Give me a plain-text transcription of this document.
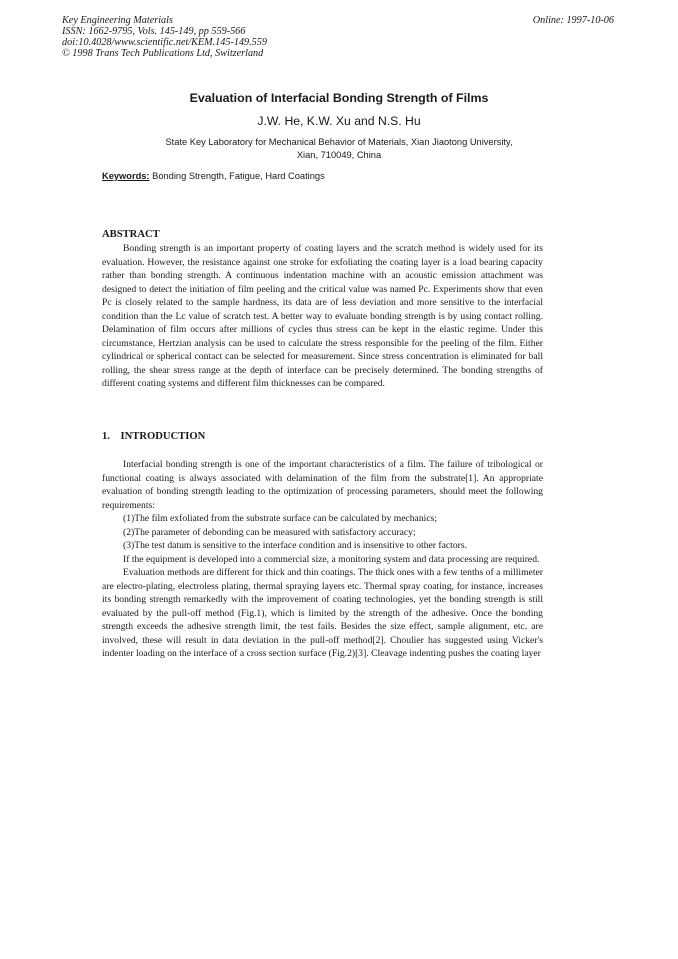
Key Engineering Materials
ISSN: 1662-9795, Vols. 145-149, pp 559-566
doi:10.4028/www.scientific.net/KEM.145-149.559
© 1998 Trans Tech Publications Ltd, Switzerland
Online: 1997-10-06
Evaluation of Interfacial Bonding Strength of Films
J.W. He, K.W. Xu and N.S. Hu
State Key Laboratory for Mechanical Behavior of Materials, Xian Jiaotong University,
Xian, 710049, China
Keywords: Bonding Strength, Fatigue, Hard Coatings
ABSTRACT

Bonding strength is an important property of coating layers and the scratch method is widely used for its evaluation. However, the resistance against one stroke for exfoliating the coating layer is a load bearing capacity rather than bonding strength. A continuous indentation machine with an acoustic emission attachment was designed to detect the initiation of film peeling and the critical value was named Pc. Experiments show that even Pc is closely related to the sample hardness, its data are of less deviation and more sensitive to the interfacial condition than the Lc value of scratch test. A better way to evaluate bonding strength is by using contact rolling. Delamination of film occurs after millions of cycles thus stress can be kept in the elastic regime. Under this circumstance, Hertzian analysis can be used to calculate the stress responsible for the peeling of the film. Either cylindrical or spherical contact can be selected for measurement. Since stress concentration is eliminated for ball rolling, the shear stress range at the depth of interface can be precisely determined. The bonding strengths of different coating systems and different film thicknesses can be compared.

1.    INTRODUCTION

Interfacial bonding strength is one of the important characteristics of a film. The failure of tribological or functional coating is always associated with delamination of the film from the substrate[1]. An appropriate evaluation of bonding strength leading to the optimization of processing parameters, should meet the following requirements:

(1)The film exfoliated from the substrate surface can be calculated by mechanics;

(2)The parameter of debonding can be measured with satisfactory accuracy;

(3)The test datum is sensitive to the interface condition and is insensitive to other factors.

If the equipment is developed into a commercial size, a monitoring system and data processing are required.

Evaluation methods are different for thick and thin coatings. The thick ones with a few tenths of a millimeter are electro-plating, electroless plating, thermal spraying layers etc. Thermal spray coating, for instance, increases its bonding strength remarkedly with the improvement of coating technologies, yet the bonding strength is still evaluated by the pull-off method (Fig.1), which is limited by the strength of the adhesive. Once the bonding strength exceeds the adhesive strength limit, the test fails. Besides the size effect, sample alignment, etc. are involved, these will result in data deviation in the pull-off method[2]. Choulier has suggested using Vicker's indenter loading on the interface of a cross section surface (Fig.2)[3]. Cleavage indenting pushes the coating layer
